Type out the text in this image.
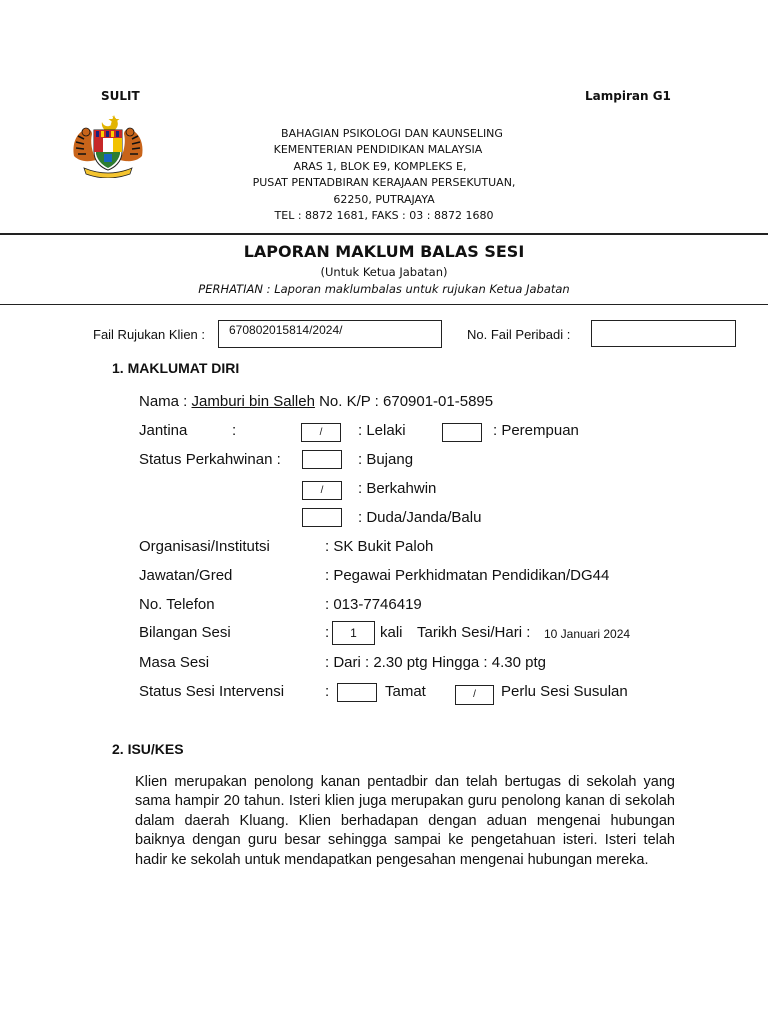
SULIT	Lampiran G1
BAHAGIAN PSIKOLOGI DAN KAUNSELING
KEMENTERIAN PENDIDIKAN MALAYSIA
ARAS 1, BLOK E9, KOMPLEKS E,
PUSAT PENTADBIRAN KERAJAAN PERSEKUTUAN,
62250, PUTRAJAYA
TEL : 8872 1681, FAKS : 03 : 8872 1680
LAPORAN MAKLUM BALAS SESI
(Untuk Ketua Jabatan)
PERHATIAN : Laporan maklumbalas untuk rujukan Ketua Jabatan
Fail Rujukan Klien :	670802015814/2024/	No. Fail Peribadi :
1. MAKLUMAT DIRI
Nama : Jamburi bin Salleh No. K/P : 670901-01-5895
Jantina	:	/	: Lelaki	: Perempuan
Status Perkahwinan :	: Bujang
/	: Berkahwin
: Duda/Janda/Balu
Organisasi/Institutsi	: SK Bukit Paloh
Jawatan/Gred	: Pegawai Perkhidmatan Pendidikan/DG44
No. Telefon	: 013-7746419
Bilangan Sesi	:	1	kali Tarikh Sesi/Hari : 10 Januari 2024
Masa Sesi	: Dari : 2.30 ptg Hingga : 4.30 ptg
Status Sesi Intervensi	:	Tamat	/	Perlu Sesi Susulan
2. ISU/KES
Klien merupakan penolong kanan pentadbir dan telah bertugas di sekolah yang sama hampir 20 tahun. Isteri klien juga merupakan guru penolong kanan di sekolah dalam daerah Kluang. Klien berhadapan dengan aduan mengenai hubungan baiknya dengan guru besar sehingga sampai ke pengetahuan isteri. Isteri telah hadir ke sekolah untuk mendapatkan pengesahan mengenai hubungan mereka.
